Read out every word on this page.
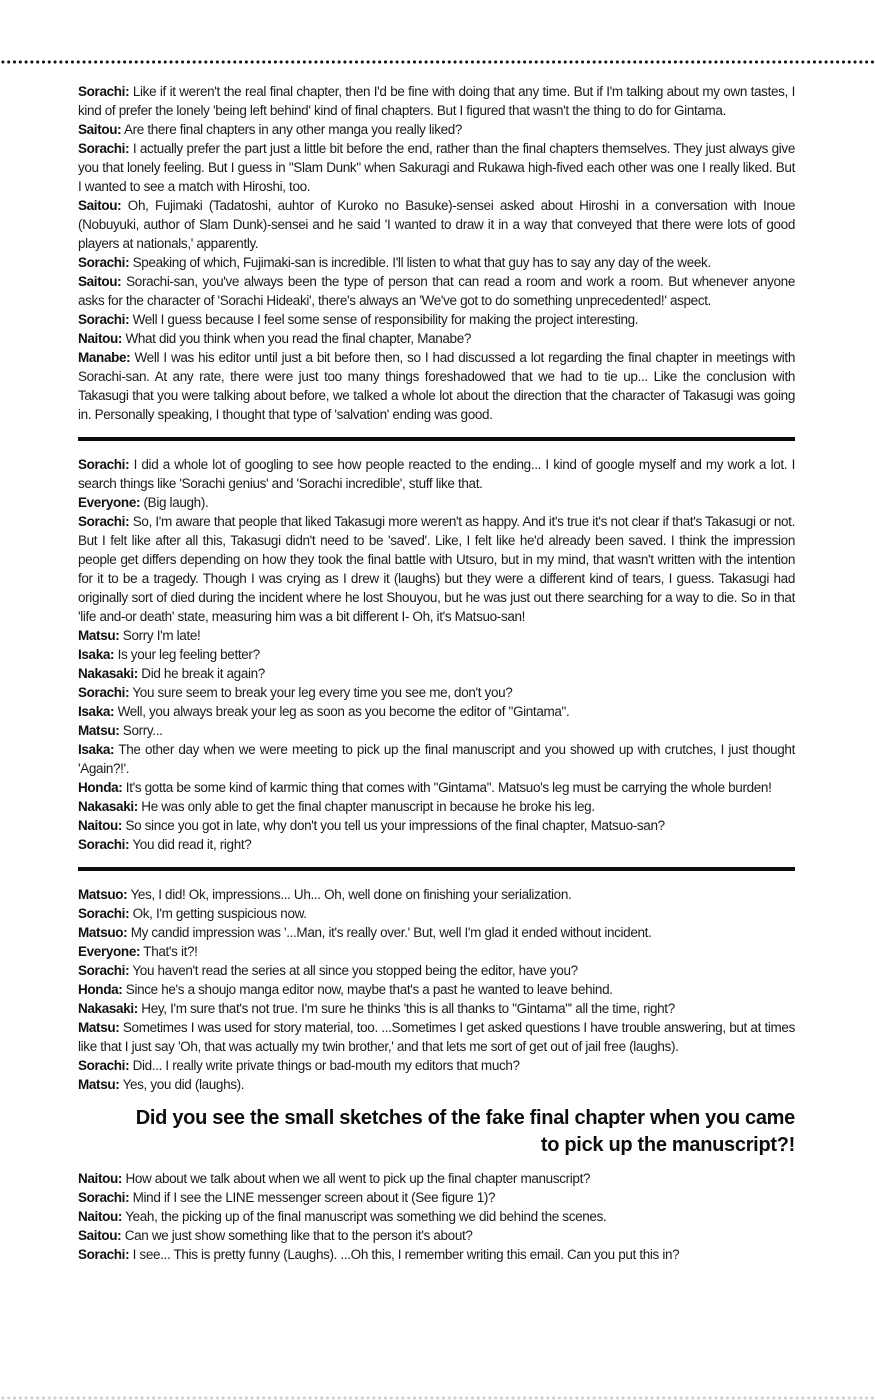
Sorachi: Like if it weren't the real final chapter, then I'd be fine with doing that any time. But if I'm talking about my own tastes, I kind of prefer the lonely 'being left behind' kind of final chapters. But I figured that wasn't the thing to do for Gintama.

Saitou: Are there final chapters in any other manga you really liked?

Sorachi: I actually prefer the part just a little bit before the end, rather than the final chapters themselves. They just always give you that lonely feeling. But I guess in "Slam Dunk" when Sakuragi and Rukawa high-fived each other was one I really liked. But I wanted to see a match with Hiroshi, too.

Saitou: Oh, Fujimaki (Tadatoshi, auhtor of Kuroko no Basuke)-sensei asked about Hiroshi in a conversation with Inoue (Nobuyuki, author of Slam Dunk)-sensei and he said 'I wanted to draw it in a way that conveyed that there were lots of good players at nationals,' apparently.

Sorachi: Speaking of which, Fujimaki-san is incredible. I'll listen to what that guy has to say any day of the week.

Saitou: Sorachi-san, you've always been the type of person that can read a room and work a room. But whenever anyone asks for the character of 'Sorachi Hideaki', there's always an 'We've got to do something unprecedented!' aspect.

Sorachi: Well I guess because I feel some sense of responsibility for making the project interesting.

Naitou: What did you think when you read the final chapter, Manabe?

Manabe: Well I was his editor until just a bit before then, so I had discussed a lot regarding the final chapter in meetings with Sorachi-san. At any rate, there were just too many things foreshadowed that we had to tie up... Like the conclusion with Takasugi that you were talking about before, we talked a whole lot about the direction that the character of Takasugi was going in. Personally speaking, I thought that type of 'salvation' ending was good.

Sorachi: I did a whole lot of googling to see how people reacted to the ending... I kind of google myself and my work a lot. I search things like 'Sorachi genius' and 'Sorachi incredible', stuff like that.

Everyone: (Big laugh).

Sorachi: So, I'm aware that people that liked Takasugi more weren't as happy. And it's true it's not clear if that's Takasugi or not. But I felt like after all this, Takasugi didn't need to be 'saved'. Like, I felt like he'd already been saved. I think the impression people get differs depending on how they took the final battle with Utsuro, but in my mind, that wasn't written with the intention for it to be a tragedy. Though I was crying as I drew it (laughs) but they were a different kind of tears, I guess. Takasugi had originally sort of died during the incident where he lost Shouyou, but he was just out there searching for a way to die. So in that 'life and-or death' state, measuring him was a bit different I- Oh, it's Matsuo-san!

Matsu: Sorry I'm late!

Isaka: Is your leg feeling better?

Nakasaki: Did he break it again?

Sorachi: You sure seem to break your leg every time you see me, don't you?

Isaka: Well, you always break your leg as soon as you become the editor of "Gintama".

Matsu: Sorry...

Isaka: The other day when we were meeting to pick up the final manuscript and you showed up with crutches, I just thought 'Again?!'.

Honda: It's gotta be some kind of karmic thing that comes with "Gintama". Matsuo's leg must be carrying the whole burden!

Nakasaki: He was only able to get the final chapter manuscript in because he broke his leg.

Naitou: So since you got in late, why don't you tell us your impressions of the final chapter, Matsuo-san?

Sorachi: You did read it, right?

Matsuo: Yes, I did! Ok, impressions... Uh... Oh, well done on finishing your serialization.

Sorachi: Ok, I'm getting suspicious now.

Matsuo: My candid impression was '...Man, it's really over.' But, well I'm glad it ended without incident.

Everyone: That's it?!

Sorachi: You haven't read the series at all since you stopped being the editor, have you?

Honda: Since he's a shoujo manga editor now, maybe that's a past he wanted to leave behind.

Nakasaki: Hey, I'm sure that's not true. I'm sure he thinks 'this is all thanks to "Gintama"' all the time, right?

Matsu: Sometimes I was used for story material, too. ...Sometimes I get asked questions I have trouble answering, but at times like that I just say 'Oh, that was actually my twin brother,' and that lets me sort of get out of jail free (laughs).

Sorachi: Did... I really write private things or bad-mouth my editors that much?

Matsu: Yes, you did (laughs).

Did you see the small sketches of the fake final chapter when you came
to pick up the manuscript?!

Naitou: How about we talk about when we all went to pick up the final chapter manuscript?

Sorachi: Mind if I see the LINE messenger screen about it (See figure 1)?

Naitou: Yeah, the picking up of the final manuscript was something we did behind the scenes.

Saitou: Can we just show something like that to the person it's about?

Sorachi: I see... This is pretty funny (Laughs). ...Oh this, I remember writing this email. Can you put this in?
